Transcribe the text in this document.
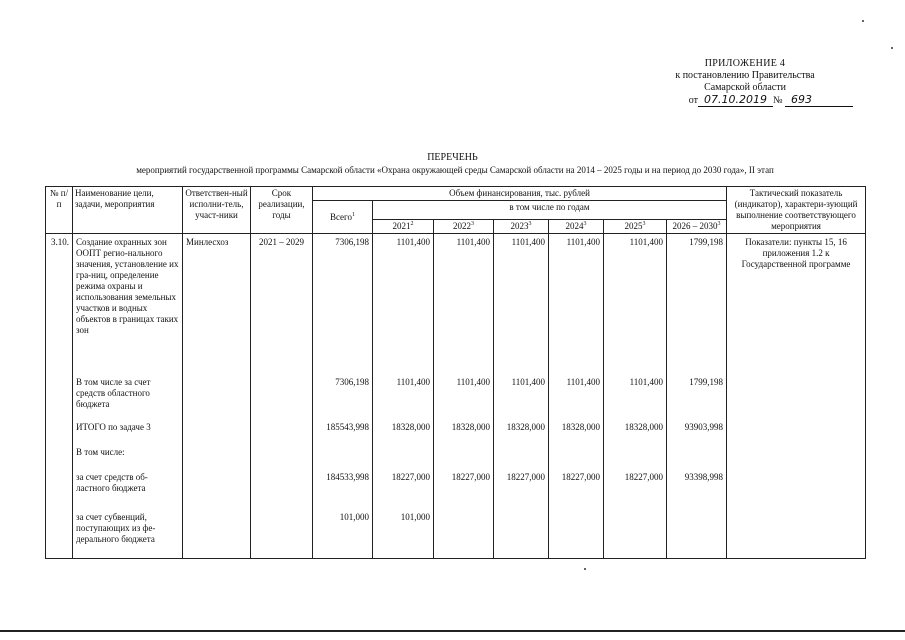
ПРИЛОЖЕНИЕ 4
к постановлению Правительства
Самарской области
от 07.10.2019 № 693
ПЕРЕЧЕНЬ
мероприятий государственной программы Самарской области «Охрана окружающей среды Самарской области на 2014 – 2025 годы и на период до 2030 года», II этап
№ п/п	Наименование цели, задачи, мероприятия	Ответствен-ный исполни-тель, участ-ники	Срок реализации, годы	Объем финансирования, тыс. рублей							Тактический показатель (индикатор), характери-зующий выполнение соответствующего мероприятия
				Всего$^1$	в том числе по годам						
					2021$^2$	2022$^3$	2023$^3$	2024$^3$	2025$^3$	2026 – 2030$^3$
3.10.	Создание охранных зон ООПТ регио-нального значения, установление их гра-ниц, определение режима охраны и использования земельных участков и водных объектов в границах таких зон	Минлесхоз	2021 – 2029	7306,198	1101,400	1101,400	1101,400	1101,400	1101,400	1799,198	Показатели: пункты 15, 16 приложения 1.2 к Государственной программе
	В том числе за счет средств областного бюджета			7306,198	1101,400	1101,400	1101,400	1101,400	1101,400	1799,198	
	ИТОГО по задаче 3			185543,998	18328,000	18328,000	18328,000	18328,000	18328,000	93903,998	
	В том числе:										
	за счет средств об-ластного бюджета			184533,998	18227,000	18227,000	18227,000	18227,000	18227,000	93398,998	
	за счет субвенций, поступающих из фе-дерального бюджета			101,000	101,000						
